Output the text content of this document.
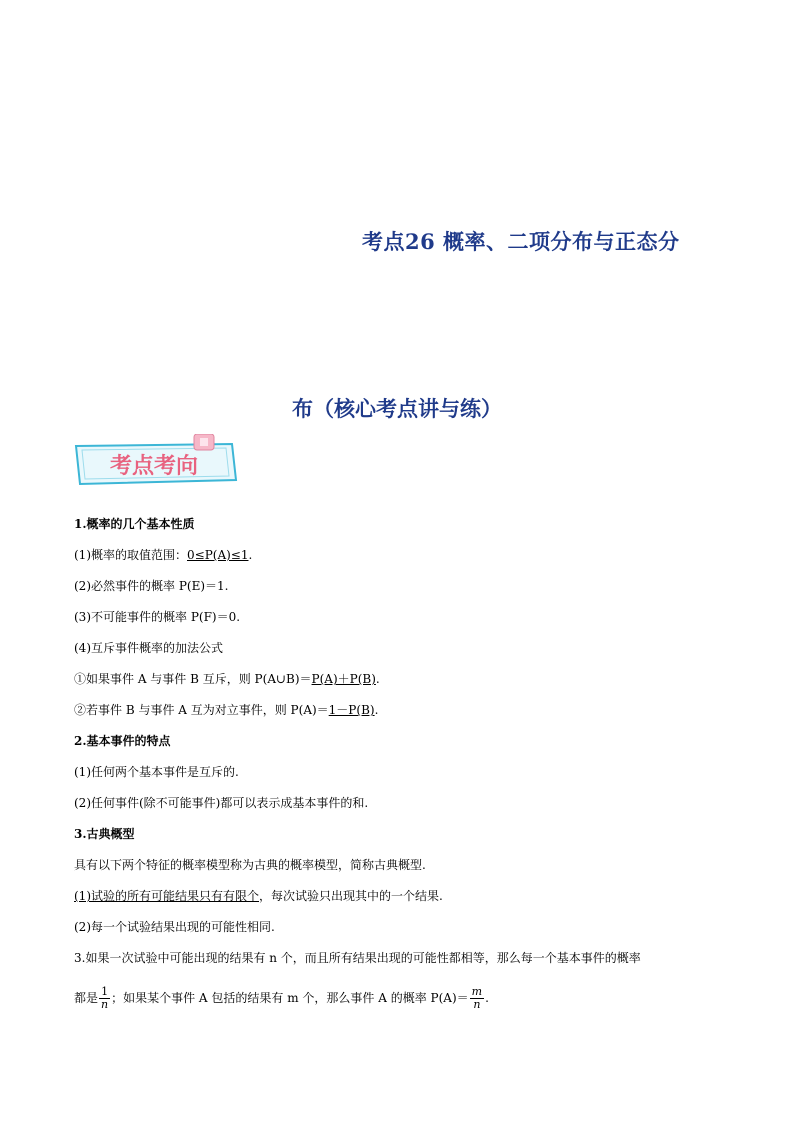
考点26 概率、二项分布与正态分
布（核心考点讲与练）
考点考向
1.概率的几个基本性质
(1)概率的取值范围：0≤P(A)≤1.
(2)必然事件的概率 P(E)＝1.
(3)不可能事件的概率 P(F)＝0.
(4)互斥事件概率的加法公式
①如果事件 A 与事件 B 互斥，则 P(A∪B)＝P(A)＋P(B).
②若事件 B 与事件 A 互为对立事件，则 P(A)＝1－P(B).
2.基本事件的特点
(1)任何两个基本事件是互斥的.
(2)任何事件(除不可能事件)都可以表示成基本事件的和.
3.古典概型
具有以下两个特征的概率模型称为古典的概率模型，简称古典概型.
(1)试验的所有可能结果只有有限个，每次试验只出现其中的一个结果.
(2)每一个试验结果出现的可能性相同.
3.如果一次试验中可能出现的结果有 n 个，而且所有结果出现的可能性都相等，那么每一个基本事件的概率
都是 $\frac{1}{n}$ ；如果某个事件 A 包括的结果有 m 个，那么事件 A 的概率 $P(A)= \frac{m}{n}$ .
